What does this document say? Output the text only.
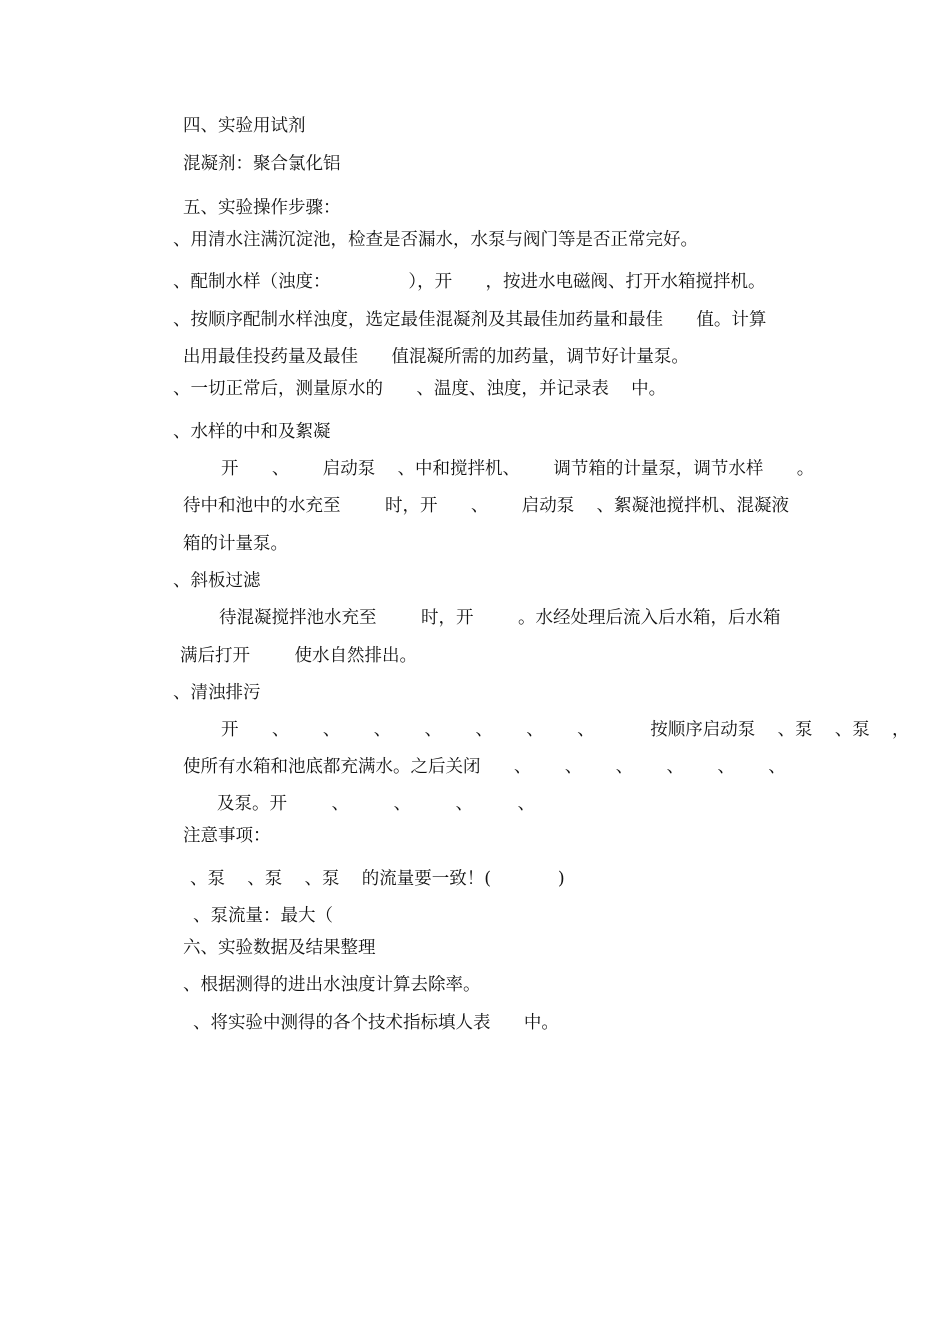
四、实验用试剂

混凝剂：聚合氯化铝

五、实验操作步骤：

、用清水注满沉淀池，检查是否漏水，水泵与阀门等是否正常完好。

、配制水样（浊度：              ），开      ，按进水电磁阀、打开水箱搅拌机。

、按顺序配制水样浊度，选定最佳混凝剂及其最佳加药量和最佳      值。计算

出用最佳投药量及最佳      值混凝所需的加药量，调节好计量泵。

、一切正常后，测量原水的      、温度、浊度，并记录表    中。

、水样的中和及絮凝

开      、      启动泵    、中和搅拌机、      调节箱的计量泵，调节水样      。

待中和池中的水充至        时，开      、      启动泵    、絮凝池搅拌机、混凝液

箱的计量泵。

、斜板过滤

待混凝搅拌池水充至        时，开        。水经处理后流入后水箱，后水箱

满后打开        使水自然排出。

、清浊排污

开      、      、      、      、      、      、      、          按顺序启动泵    、泵    、泵    ，

使所有水箱和池底都充满水。之后关闭      、      、      、      、      、      、

及泵。开        、        、        、        、

注意事项：

、泵    、泵    、泵    的流量要一致！(            )

、泵流量：最大（

六、实验数据及结果整理

、根据测得的进出水浊度计算去除率。

、将实验中测得的各个技术指标填人表      中。
